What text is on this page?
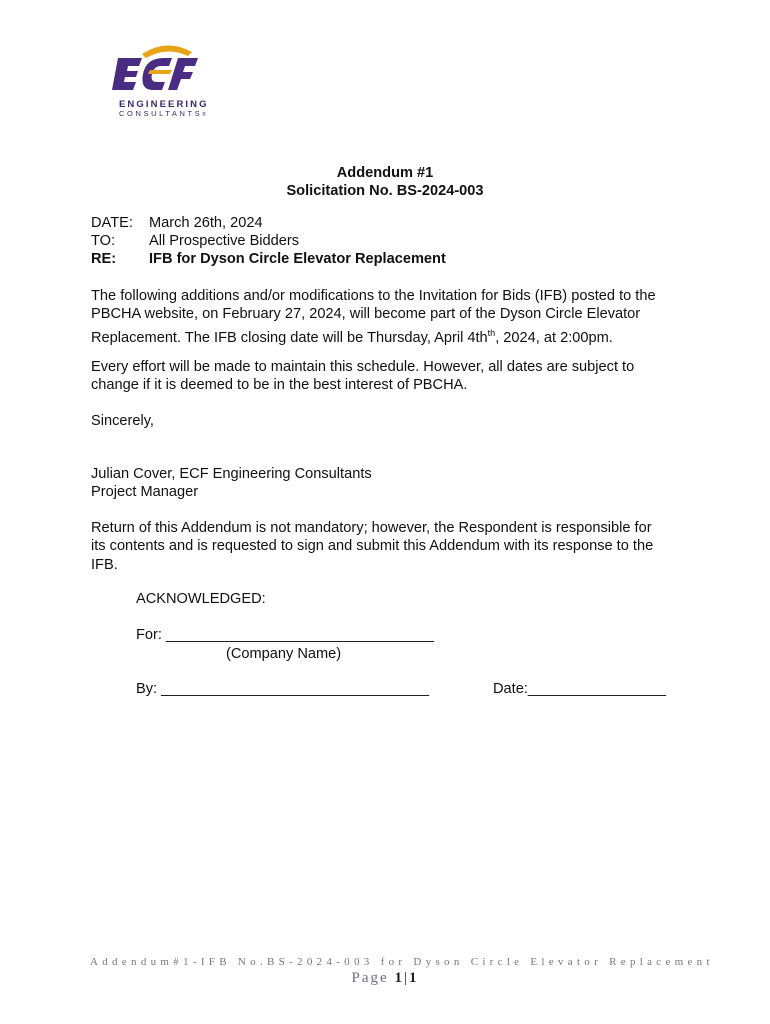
ENGINEERING
CONSULTANTS®
Addendum #1
Solicitation No. BS-2024-003
DATE: March 26th, 2024
TO: All Prospective Bidders
RE: IFB for Dyson Circle Elevator Replacement
The following additions and/or modifications to the Invitation for Bids (IFB) posted to the
PBCHA website, on February 27, 2024, will become part of the Dyson Circle Elevator
Replacement. The IFB closing date will be Thursday, April $4th^{th}$, 2024, at 2:00pm.
Every effort will be made to maintain this schedule. However, all dates are subject to
change if it is deemed to be in the best interest of PBCHA.
Sincerely,
Julian Cover, ECF Engineering Consultants
Project Manager
Return of this Addendum is not mandatory; however, the Respondent is responsible for
its contents and is requested to sign and submit this Addendum with its response to the
IFB.
ACKNOWLEDGED:
For: _________________________________
(Company Name)
By: _________________________________	Date:_________________
Addendum#1-IFB No.BS-2024-003 for Dyson Circle Elevator Replacement
Page 1|1
